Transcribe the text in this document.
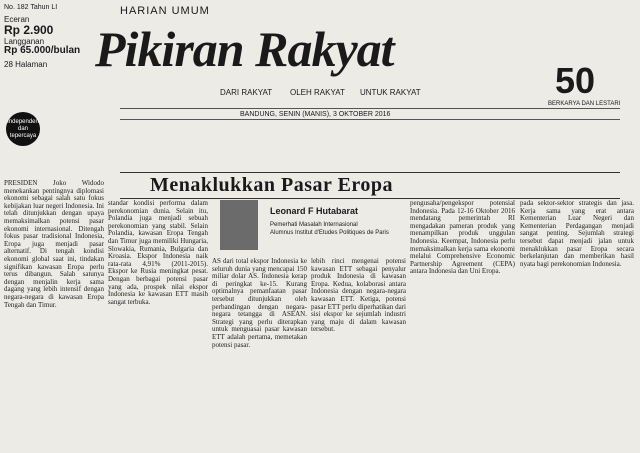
No. 182 Tahun LI
Eceran
Rp 2.900
Langganan
Rp 65.000/bulan
28 Halaman
HARIAN UMUM
Pikiran Rakyat
DARI RAKYAT OLEH RAKYAT UNTUK RAKYAT
Independen dan tepercaya
50
BERKARYA DAN LESTARI
BANDUNG, SENIN (MANIS), 3 OKTOBER 2016
Menaklukkan Pasar Eropa
Leonard F Hutabarat
Pemerhati Masalah Internasional
Alumnus Institut d'Etudes Politiques de Paris
PRESIDEN Joko Widodo menekankan pentingnya diplomasi ekonomi sebagai salah satu fokus kebijakan luar negeri Indonesia. Ini telah ditunjukkan dengan upaya memaksimalkan potensi pasar ekonomi internasional. Ditengah fokus pasar tradisional Indonesia, Eropa juga menjadi pasar alternatif. Di tengah kondisi ekonomi global saat ini, tindakan signifikan kawasan Eropa perlu terus dibangun. Salah satunya dengan menjalin kerja sama dagang yang lebih intensif dengan negara-negara di kawasan Eropa Tengah dan Timur.
standar kondisi performa dalam perekonomian dunia. Selain itu, Polandia juga menjadi sebuah perekonomian yang stabil. Selain Polandia, kawasan Eropa Tengah dan Timur juga memiliki Hungaria, Slowakia, Rumania, Bulgaria dan Kroasia. Ekspor Indonesia naik rata-rata 4,91% (2011-2015). Ekspor ke Rusia meningkat pesat. Dengan berbagai potensi pasar yang ada, prospek nilai ekspor Indonesia ke kawasan ETT masih sangat terbuka.
AS dari total ekspor Indonesia ke seluruh dunia yang mencapai 150 miliar dolar AS. Indonesia kerap di peringkat ke-15. Kurang optimalnya pemanfaatan pasar tersebut ditunjukkan oleh perbandingan dengan negara-negara tetangga di ASEAN. Strategi yang perlu diterapkan untuk menguasai pasar kawasan ETT adalah pertama, memetakan potensi pasar.
lebih rinci mengenai potensi kawasan ETT sebagai penyalur produk Indonesia di kawasan Eropa. Kedua, kolaborasi antara Indonesia dengan negara-negara kawasan ETT. Ketiga, potensi pasar ETT perlu diperhatikan dari sisi ekspor ke sejumlah industri yang maju di dalam kawasan tersebut.
pengusaha/pengekspor potensial Indonesia. Pada 12-16 Oktober 2016 mendatang pemerintah RI mengadakan pameran produk yang menampilkan produk unggulan Indonesia. Keempat, Indonesia perlu memaksimalkan kerja sama ekonomi melalui Comprehensive Economic Partnership Agreement (CEPA) antara Indonesia dan Uni Eropa.
pada sektor-sektor strategis dan jasa. Kerja sama yang erat antara Kementerian Luar Negeri dan Kementerian Perdagangan menjadi sangat penting. Sejumlah strategi tersebut dapat menjadi jalan untuk menaklukkan pasar Eropa secara berkelanjutan dan memberikan hasil nyata bagi perekonomian Indonesia.
